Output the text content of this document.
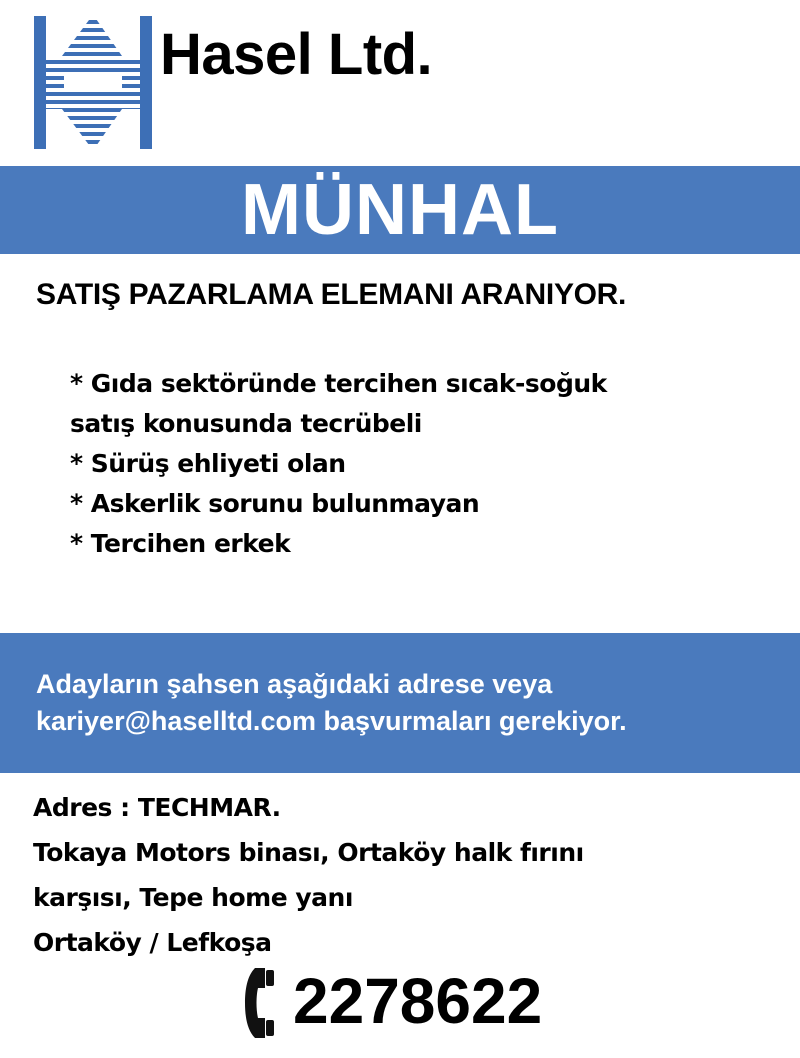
Hasel Ltd.
MÜNHAL
SATIŞ PAZARLAMA ELEMANI ARANIYOR.
* Gıda sektöründe tercihen sıcak-soğuk
satış konusunda tecrübeli
* Sürüş ehliyeti olan
* Askerlik sorunu bulunmayan
* Tercihen erkek
Adayların şahsen aşağıdaki adrese veya
kariyer@haselltd.com başvurmaları gerekiyor.
Adres : TECHMAR.
Tokaya Motors binası, Ortaköy halk fırını
karşısı, Tepe home yanı
Ortaköy / Lefkoşa
2278622
